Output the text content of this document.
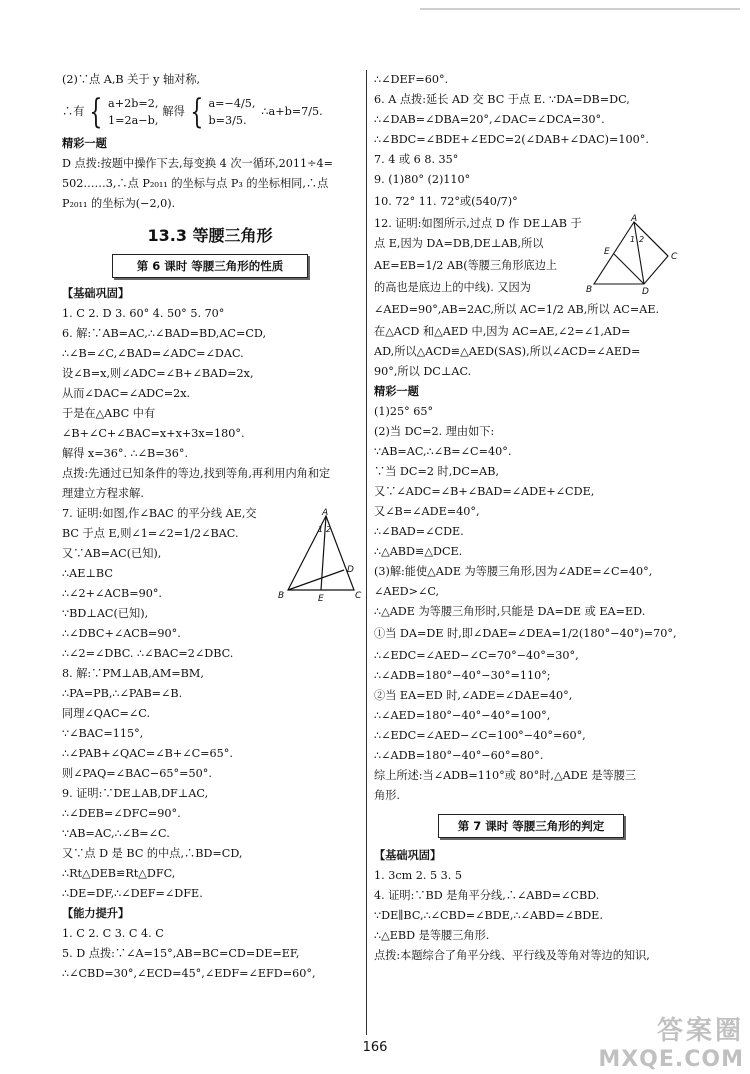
(2)∵点 A,B 关于 y 轴对称,
∴有 { a+2b=2,
1=2a−b,
解得 { a=−4/5,
b=3/5.
∴a+b=7/5.
精彩一题
D 点拨:按题中操作下去,每变换 4 次一循环,2011÷4=
502……3,∴点 P₂₀₁₁ 的坐标与点 P₃ 的坐标相同,∴点
P₂₀₁₁ 的坐标为(−2,0).
13.3 等腰三角形
第 6 课时 等腰三角形的性质
【基础巩固】
1. C 2. D 3. 60° 4. 50° 5. 70°
6. 解:∵AB=AC,∴∠BAD=BD,AC=CD,
∴∠B=∠C,∠BAD=∠ADC=∠DAC.
设∠B=x,则∠ADC=∠B+∠BAD=2x,
从而∠DAC=∠ADC=2x.
于是在△ABC 中有
∠B+∠C+∠BAC=x+x+3x=180°.
解得 x=36°. ∴∠B=36°.
点拨:先通过已知条件的等边,找到等角,再利用内角和定
理建立方程求解.
7. 证明:如图,作∠BAC 的平分线 AE,交
BC 于点 E,则∠1=∠2=1/2∠BAC.
又∵AB=AC(已知),
∴AE⊥BC
∴∠2+∠ACB=90°.
∵BD⊥AC(已知),
∴∠DBC+∠ACB=90°.
∴∠2=∠DBC. ∴∠BAC=2∠DBC.
8. 解:∵PM⊥AB,AM=BM,
∴PA=PB,∴∠PAB=∠B.
同理∠QAC=∠C.
∵∠BAC=115°,
∴∠PAB+∠QAC=∠B+∠C=65°.
则∠PAQ=∠BAC−65°=50°.
9. 证明:∵DE⊥AB,DF⊥AC,
∴∠DEB=∠DFC=90°.
∵AB=AC,∴∠B=∠C.
又∵点 D 是 BC 的中点,∴BD=CD,
∴Rt△DEB≌Rt△DFC,
∴DE=DF,∴∠DEF=∠DFE.
【能力提升】
1. C 2. C 3. C 4. C
5. D 点拨:∵∠A=15°,AB=BC=CD=DE=EF,
∴∠CBD=30°,∠ECD=45°,∠EDF=∠EFD=60°,
A
B	C
D
E
1 2
∴∠DEF=60°.
6. A 点拨:延长 AD 交 BC 于点 E. ∵DA=DB=DC,
∴∠DAB=∠DBA=20°,∠DAC=∠DCA=30°.
∴∠BDC=∠BDE+∠EDC=2(∠DAB+∠DAC)=100°.
7. 4 或 6 8. 35°
9. (1)80° (2)110°
10. 72° 11. 72°或(540/7)°
12. 证明:如图所示,过点 D 作 DE⊥AB 于
点 E,因为 DA=DB,DE⊥AB,所以
AE=EB=1/2 AB(等腰三角形底边上
的高也是底边上的中线). 又因为
∠AED=90°,AB=2AC,所以 AC=1/2 AB,所以 AC=AE.
在△ACD 和△AED 中,因为 AC=AE,∠2=∠1,AD=
AD,所以△ACD≌△AED(SAS),所以∠ACD=∠AED=
90°,所以 DC⊥AC.
精彩一题
(1)25° 65°
(2)当 DC=2. 理由如下:
∵AB=AC,∴∠B=∠C=40°.
∵当 DC=2 时,DC=AB,
又∵∠ADC=∠B+∠BAD=∠ADE+∠CDE,
又∠B=∠ADE=40°,
∴∠BAD=∠CDE.
∴△ABD≌△DCE.
(3)解:能使△ADE 为等腰三角形,因为∠ADE=∠C=40°,
∠AED>∠C,
∴△ADE 为等腰三角形时,只能是 DA=DE 或 EA=ED.
①当 DA=DE 时,即∠DAE=∠DEA=1/2(180°−40°)=70°,
∴∠EDC=∠AED−∠C=70°−40°=30°,
∴∠ADB=180°−40°−30°=110°;
②当 EA=ED 时,∠ADE=∠DAE=40°,
∴∠AED=180°−40°−40°=100°,
∴∠EDC=∠AED−∠C=100°−40°=60°,
∴∠ADB=180°−40°−60°=80°.
综上所述:当∠ADB=110°或 80°时,△ADE 是等腰三
角形.
第 7 课时 等腰三角形的判定
【基础巩固】
1. 3cm 2. 5 3. 5
4. 证明:∵BD 是角平分线,∴∠ABD=∠CBD.
∵DE∥BC,∴∠CBD=∠BDE,∴∠ABD=∠BDE.
∴△EBD 是等腰三角形.
点拨:本题综合了角平分线、平行线及等角对等边的知识,
A
B
C
D
E
1 2
166
答案圈
MXQE.COM
